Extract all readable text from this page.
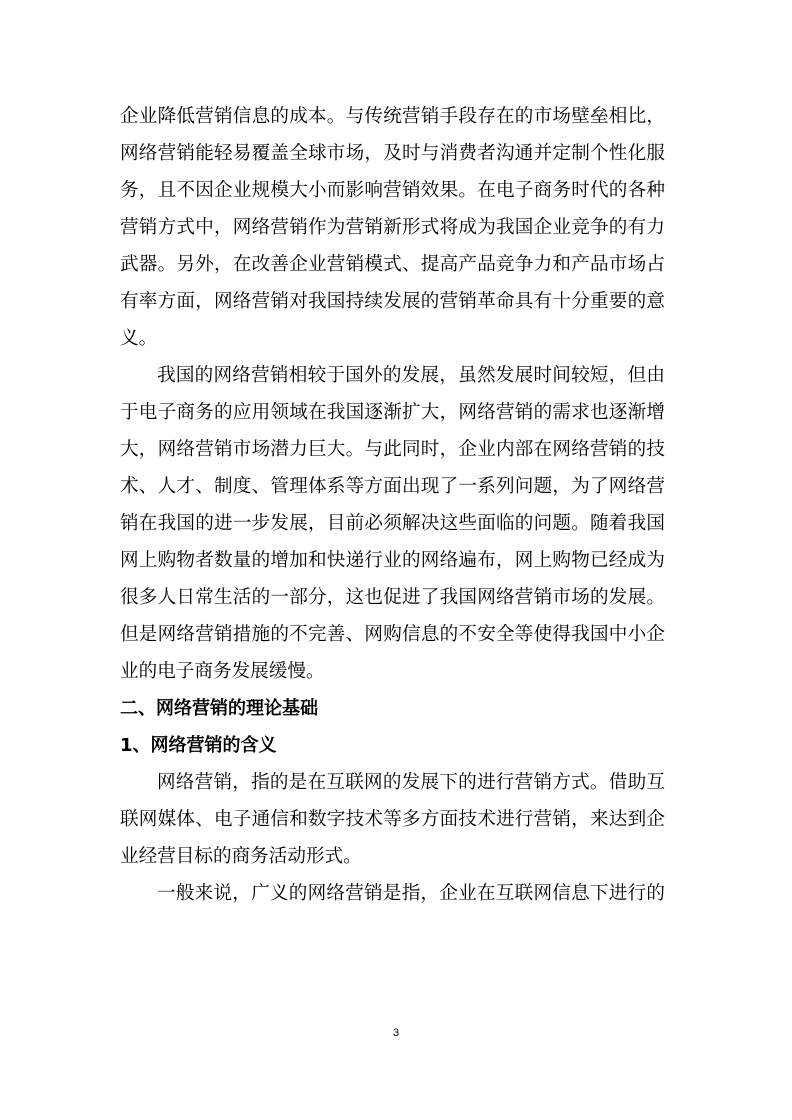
企业降低营销信息的成本。与传统营销手段存在的市场壁垒相比，
网络营销能轻易覆盖全球市场，及时与消费者沟通并定制个性化服
务，且不因企业规模大小而影响营销效果。在电子商务时代的各种
营销方式中，网络营销作为营销新形式将成为我国企业竞争的有力
武器。另外，在改善企业营销模式、提高产品竞争力和产品市场占
有率方面，网络营销对我国持续发展的营销革命具有十分重要的意
义。
我国的网络营销相较于国外的发展，虽然发展时间较短，但由
于电子商务的应用领域在我国逐渐扩大，网络营销的需求也逐渐增
大，网络营销市场潜力巨大。与此同时，企业内部在网络营销的技
术、人才、制度、管理体系等方面出现了一系列问题，为了网络营
销在我国的进一步发展，目前必须解决这些面临的问题。随着我国
网上购物者数量的增加和快递行业的网络遍布，网上购物已经成为
很多人日常生活的一部分，这也促进了我国网络营销市场的发展。
但是网络营销措施的不完善、网购信息的不安全等使得我国中小企
业的电子商务发展缓慢。
二、网络营销的理论基础
1、网络营销的含义
网络营销，指的是在互联网的发展下的进行营销方式。借助互
联网媒体、电子通信和数字技术等多方面技术进行营销，来达到企
业经营目标的商务活动形式。
一般来说，广义的网络营销是指，企业在互联网信息下进行的
3
